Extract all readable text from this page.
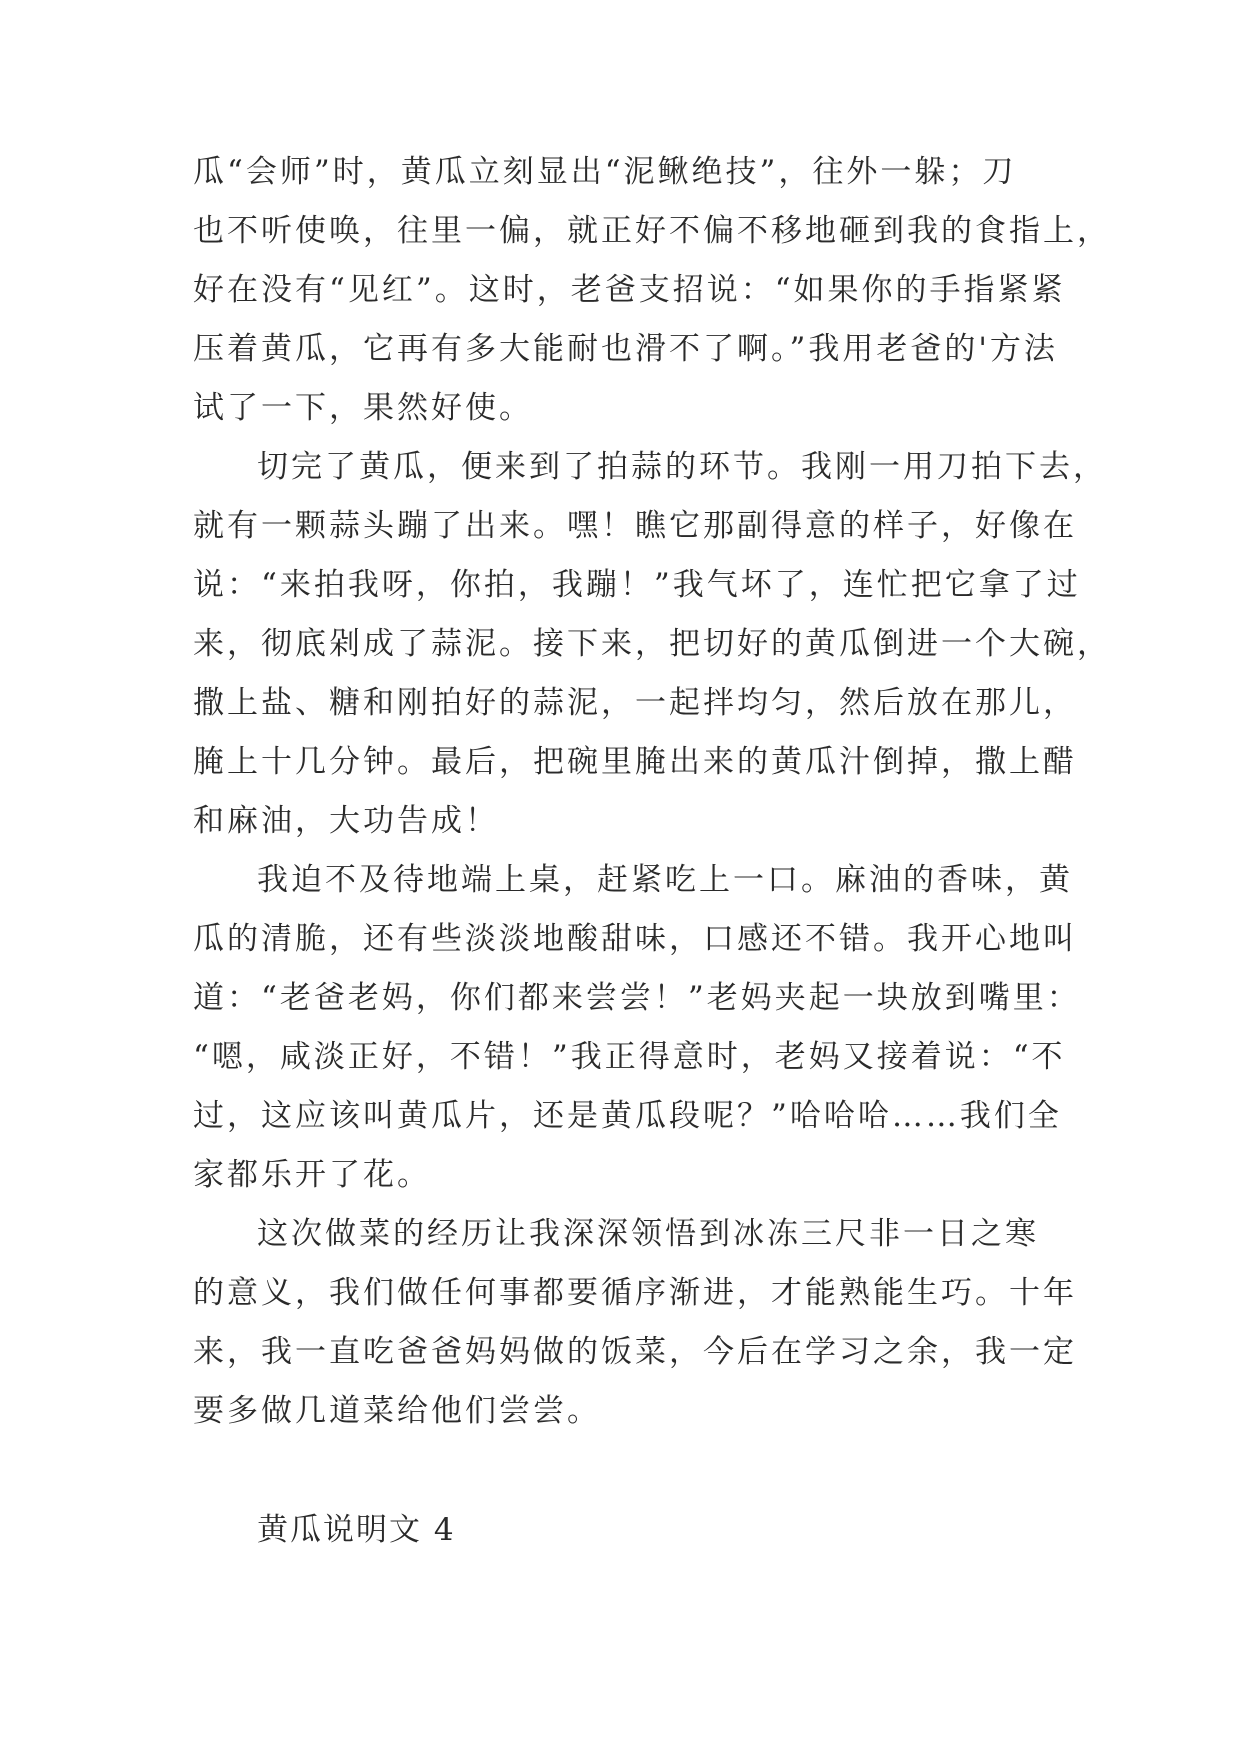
瓜“会师”时，黄瓜立刻显出“泥鳅绝技”，往外一躲；刀
也不听使唤，往里一偏，就正好不偏不移地砸到我的食指上，
好在没有“见红”。这时，老爸支招说：“如果你的手指紧紧
压着黄瓜，它再有多大能耐也滑不了啊。”我用老爸的'方法
试了一下，果然好使。
切完了黄瓜，便来到了拍蒜的环节。我刚一用刀拍下去，
就有一颗蒜头蹦了出来。嘿！瞧它那副得意的样子，好像在
说：“来拍我呀，你拍，我蹦！”我气坏了，连忙把它拿了过
来，彻底剁成了蒜泥。接下来，把切好的黄瓜倒进一个大碗，
撒上盐、糖和刚拍好的蒜泥，一起拌均匀，然后放在那儿，
腌上十几分钟。最后，把碗里腌出来的黄瓜汁倒掉，撒上醋
和麻油，大功告成！
我迫不及待地端上桌，赶紧吃上一口。麻油的香味，黄
瓜的清脆，还有些淡淡地酸甜味，口感还不错。我开心地叫
道：“老爸老妈，你们都来尝尝！”老妈夹起一块放到嘴里：
“嗯，咸淡正好，不错！”我正得意时，老妈又接着说：“不
过，这应该叫黄瓜片，还是黄瓜段呢？”哈哈哈……我们全
家都乐开了花。
这次做菜的经历让我深深领悟到冰冻三尺非一日之寒
的意义，我们做任何事都要循序渐进，才能熟能生巧。十年
来，我一直吃爸爸妈妈做的饭菜，今后在学习之余，我一定
要多做几道菜给他们尝尝。
黄瓜说明文 4
